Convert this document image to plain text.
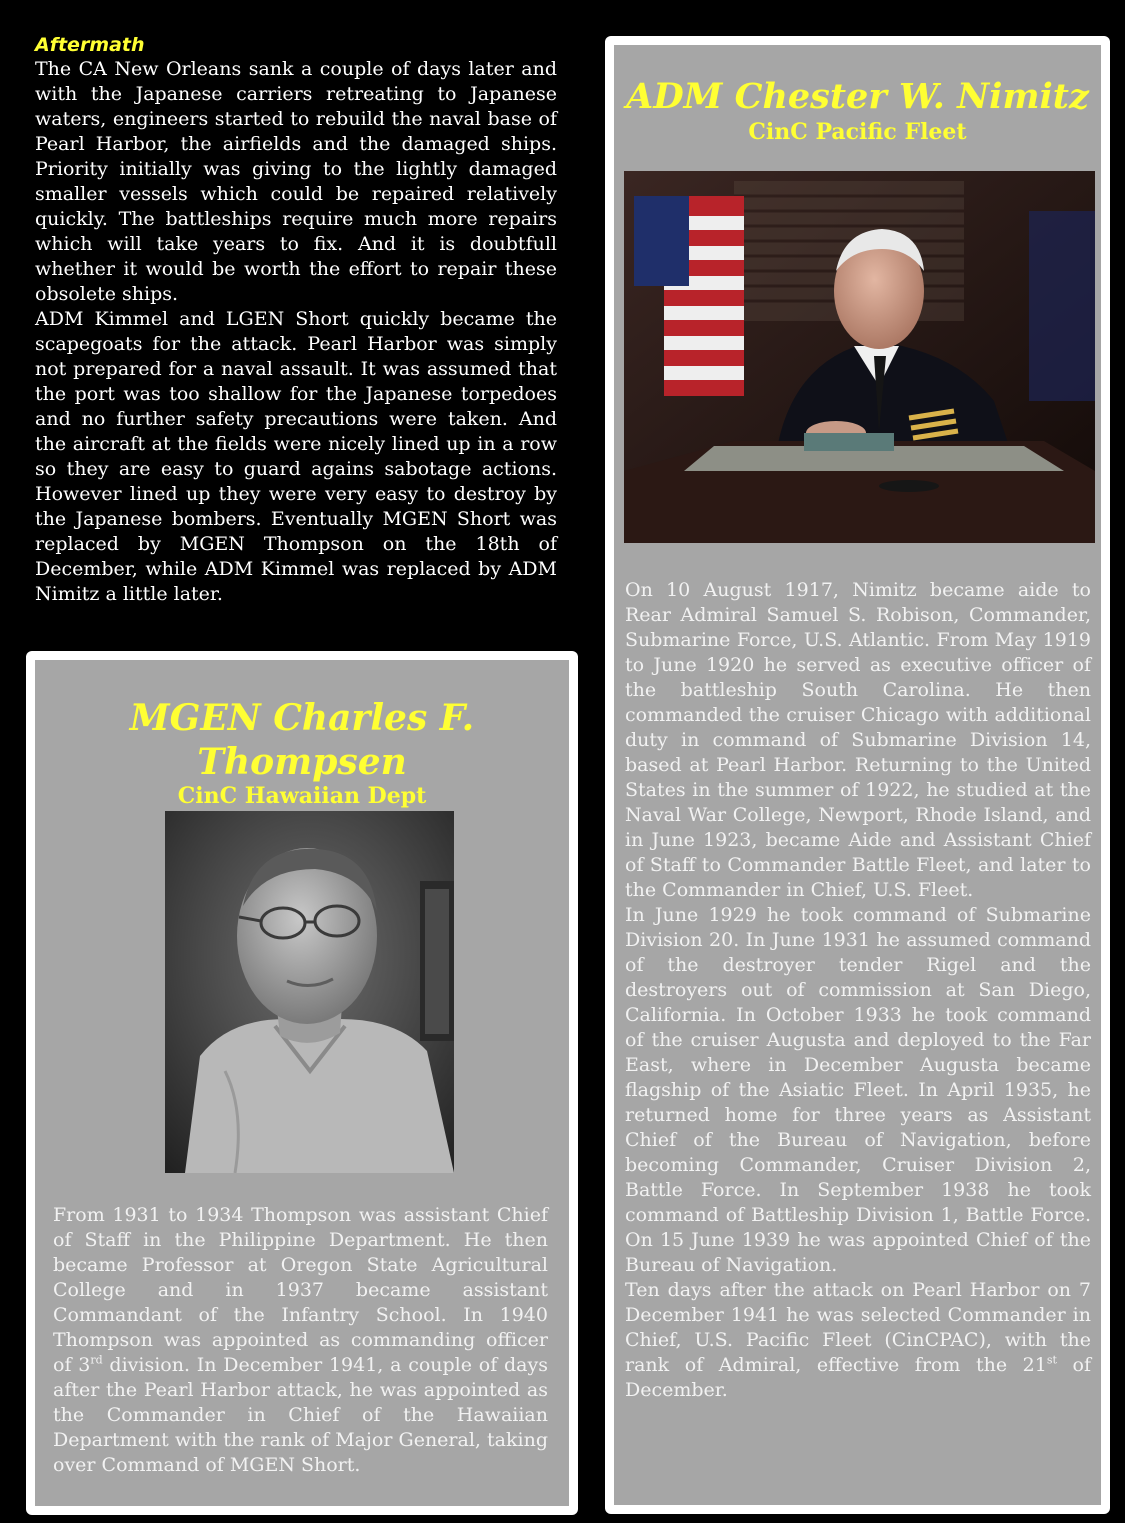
Aftermath

The CA New Orleans sank a couple of days later and with the Japanese carriers retreating to Japanese waters, engineers started to rebuild the naval base of Pearl Harbor, the airfields and the damaged ships. Priority initially was giving to the lightly damaged smaller vessels which could be repaired relatively quickly. The battleships require much more repairs which will take years to fix. And it is doubtfull whether it would be worth the effort to repair these obsolete ships.

ADM Kimmel and LGEN Short quickly became the scapegoats for the attack. Pearl Harbor was simply not prepared for a naval assault. It was assumed that the port was too shallow for the Japanese torpedoes and no further safety precautions were taken. And the aircraft at the fields were nicely lined up in a row so they are easy to guard agains sabotage actions. However lined up they were very easy to destroy by the Japanese bombers. Eventually MGEN Short was replaced by MGEN Thompson on the 18th of December, while ADM Kimmel was replaced by ADM Nimitz a little later.

MGEN Charles F.
Thompsen
CinC Hawaiian Dept

From 1931 to 1934 Thompson was assistant Chief of Staff in the Philippine Department. He then became Professor at Oregon State Agricultural College and in 1937 became assistant Commandant of the Infantry School. In 1940 Thompson was appointed as commanding officer of 3rd division. In December 1941, a couple of days after the Pearl Harbor attack, he was appointed as the Commander in Chief of the Hawaiian Department with the rank of Major General, taking over Command of MGEN Short.

ADM Chester W. Nimitz
CinC Pacific Fleet

On 10 August 1917, Nimitz became aide to Rear Admiral Samuel S. Robison, Commander, Submarine Force, U.S. Atlantic. From May 1919 to June 1920 he served as executive officer of the battleship South Carolina. He then commanded the cruiser Chicago with additional duty in command of Submarine Division 14, based at Pearl Harbor. Returning to the United States in the summer of 1922, he studied at the Naval War College, Newport, Rhode Island, and in June 1923, became Aide and Assistant Chief of Staff to Commander Battle Fleet, and later to the Commander in Chief, U.S. Fleet.

In June 1929 he took command of Submarine Division 20. In June 1931 he assumed command of the destroyer tender Rigel and the destroyers out of commission at San Diego, California. In October 1933 he took command of the cruiser Augusta and deployed to the Far East, where in December Augusta became flagship of the Asiatic Fleet. In April 1935, he returned home for three years as Assistant Chief of the Bureau of Navigation, before becoming Commander, Cruiser Division 2, Battle Force. In September 1938 he took command of Battleship Division 1, Battle Force. On 15 June 1939 he was appointed Chief of the Bureau of Navigation.

Ten days after the attack on Pearl Harbor on 7 December 1941 he was selected Commander in Chief, U.S. Pacific Fleet (CinCPAC), with the rank of Admiral, effective from the 21st of December.
